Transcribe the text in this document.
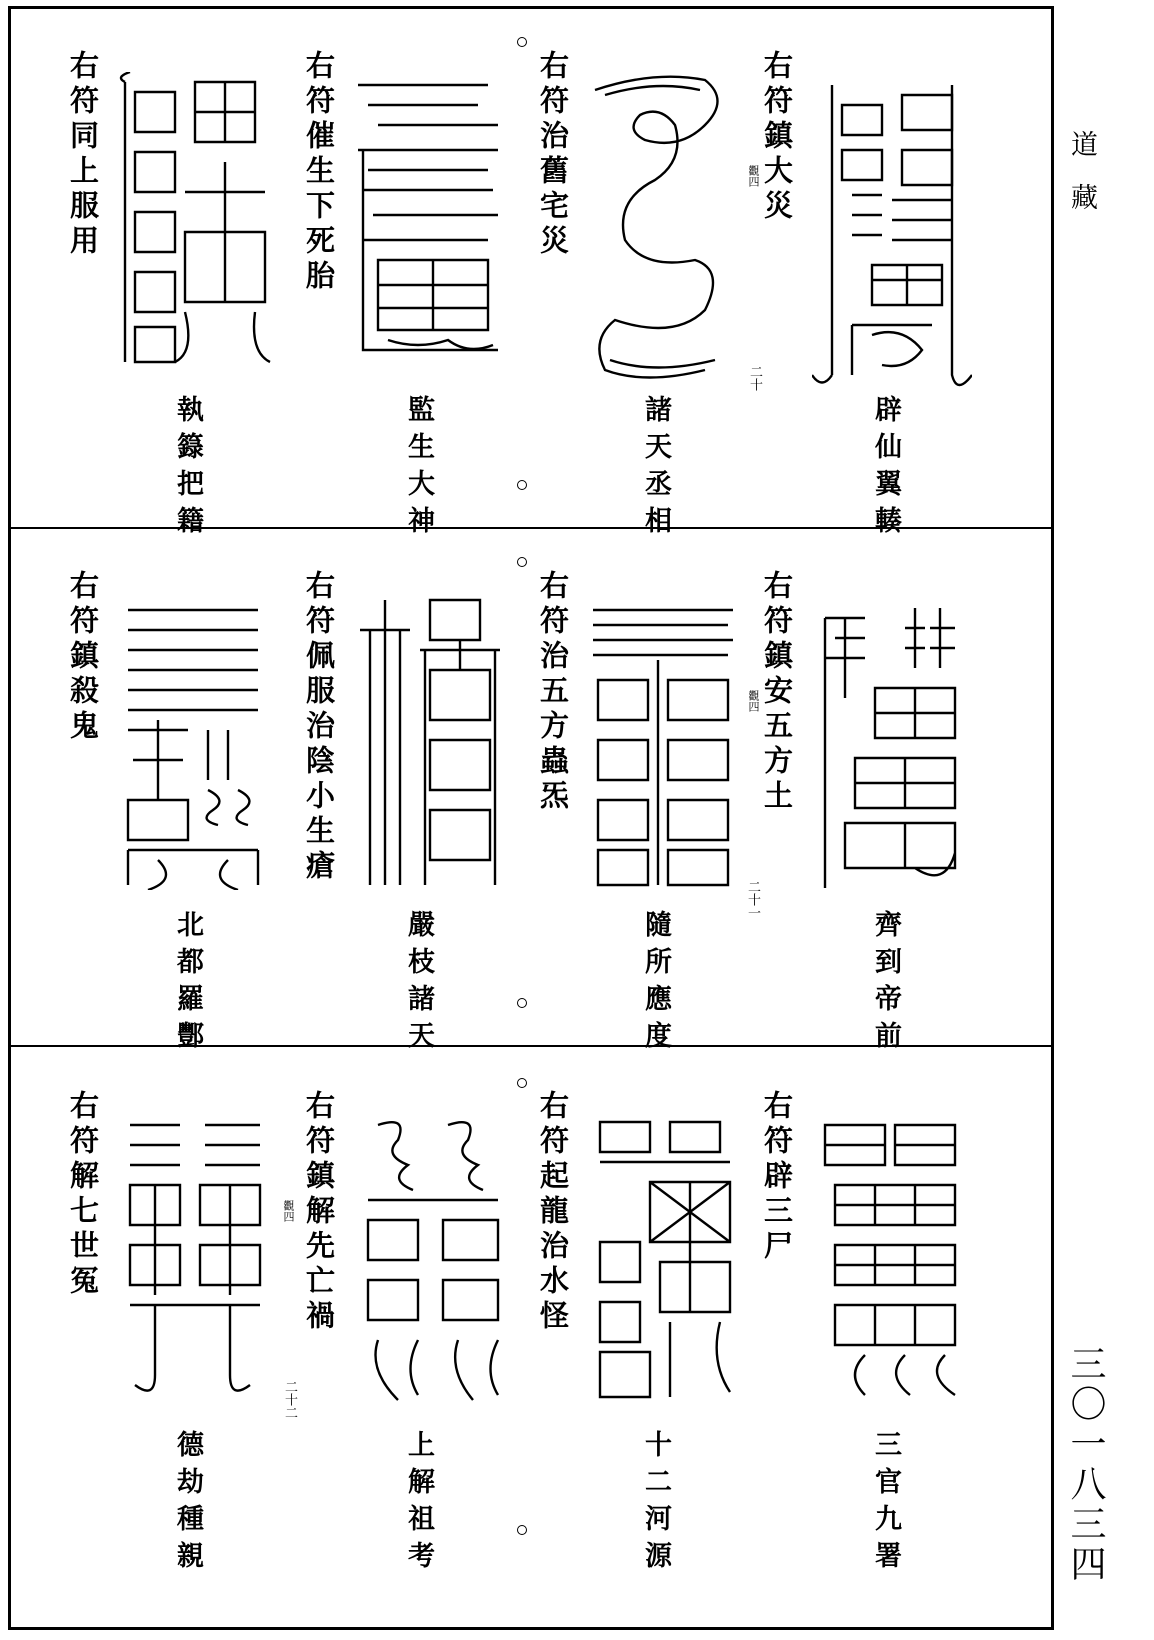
道藏
三〇一八三四
右符鎮大災
觀四
二十
辟仙翼輳
右符治舊宅災
諸天丞相
右符催生下死胎
監生大神
右符同上服用
執籙把籍
右符鎮安五方土
觀四
二十一
齊到帝前
右符治五方蟲炁
隨所應度
右符佩服治陰小生瘡
嚴枝諸天
右符鎮殺鬼
北都羅酆
右符辟三尸
三官九署
右符起龍治水怪
十二河源
右符鎮解先亡禍
觀四
二十二
上解祖考
右符解七世冤
德劫種親
